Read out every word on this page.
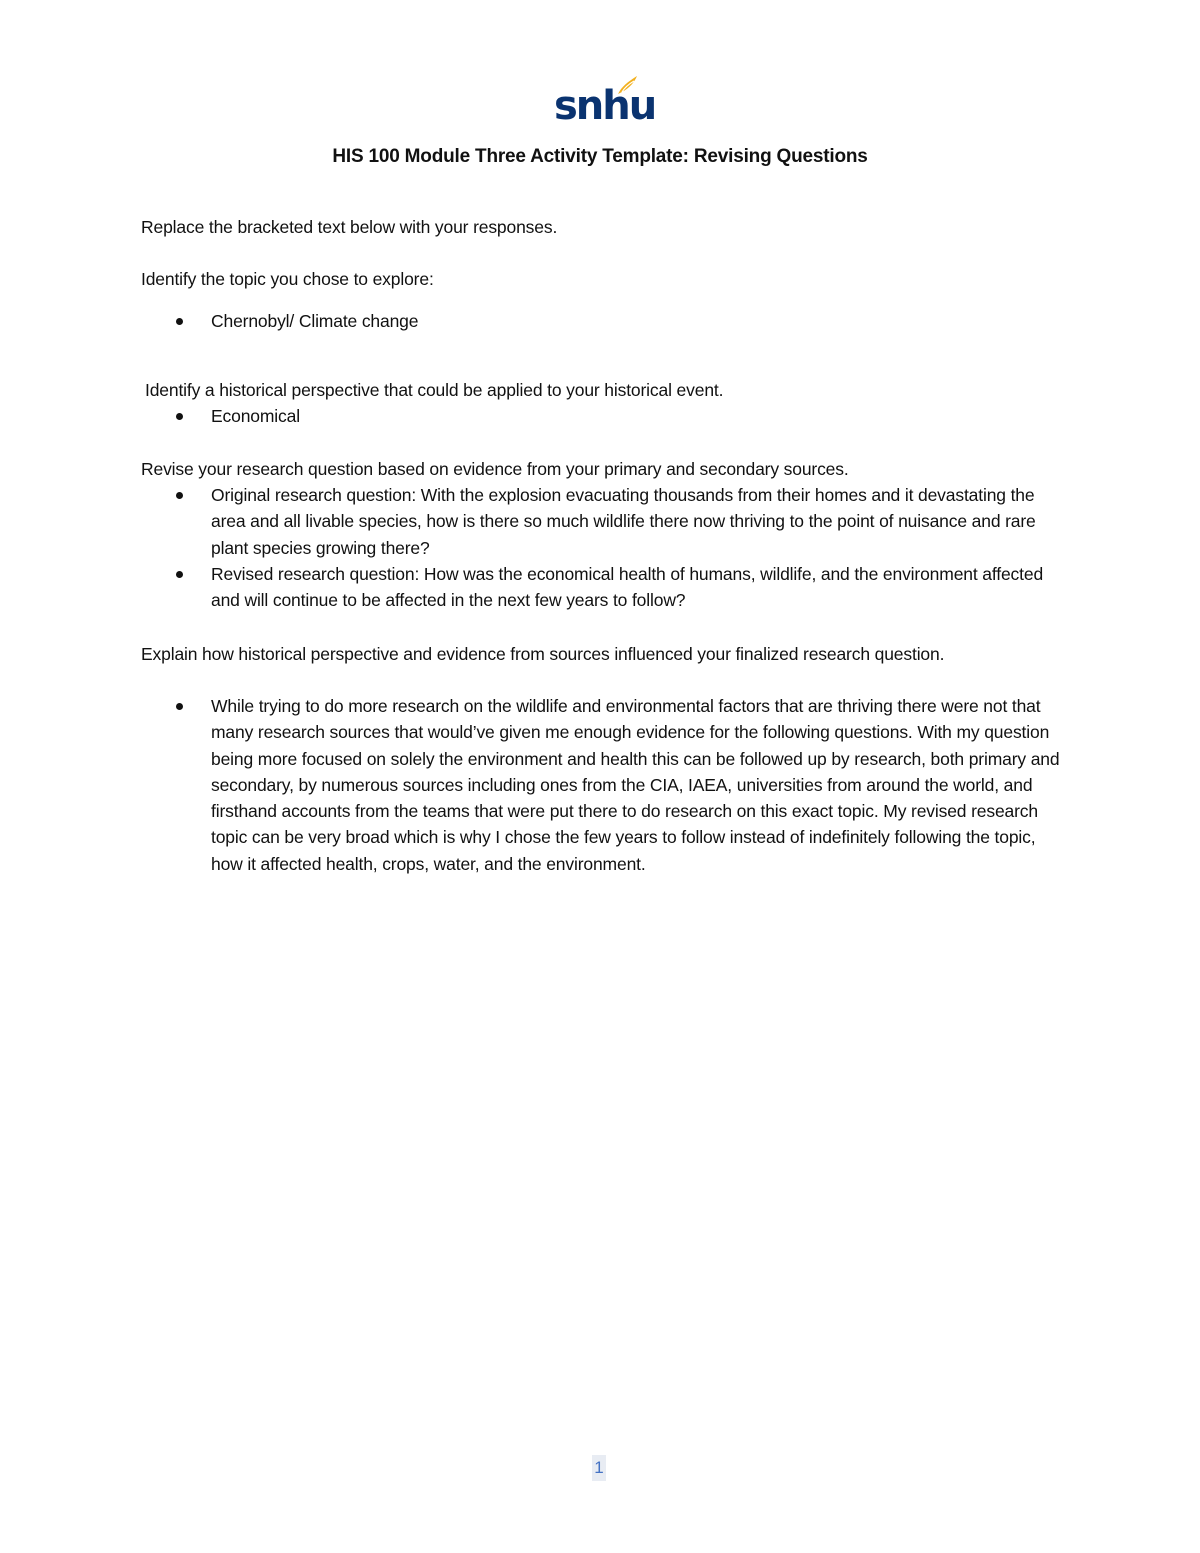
snhu
HIS 100 Module Three Activity Template: Revising Questions

Replace the bracketed text below with your responses.

Identify the topic you chose to explore:

Chernobyl/ Climate change

Identify a historical perspective that could be applied to your historical event.

Economical

Revise your research question based on evidence from your primary and secondary sources.

Original research question: With the explosion evacuating thousands from their homes and it devastating the area and all livable species, how is there so much wildlife there now thriving to the point of nuisance and rare plant species growing there?
Revised research question: How was the economical health of humans, wildlife, and the environment affected and will continue to be affected in the next few years to follow?

Explain how historical perspective and evidence from sources influenced your finalized research question.

While trying to do more research on the wildlife and environmental factors that are thriving there were not that many research sources that would’ve given me enough evidence for the following questions. With my question being more focused on solely the environment and health this can be followed up by research, both primary and secondary, by numerous sources including ones from the CIA, IAEA, universities from around the world, and firsthand accounts from the teams that were put there to do research on this exact topic. My revised research topic can be very broad which is why I chose the few years to follow instead of indefinitely following the topic, how it affected health, crops, water, and the environment.
1
